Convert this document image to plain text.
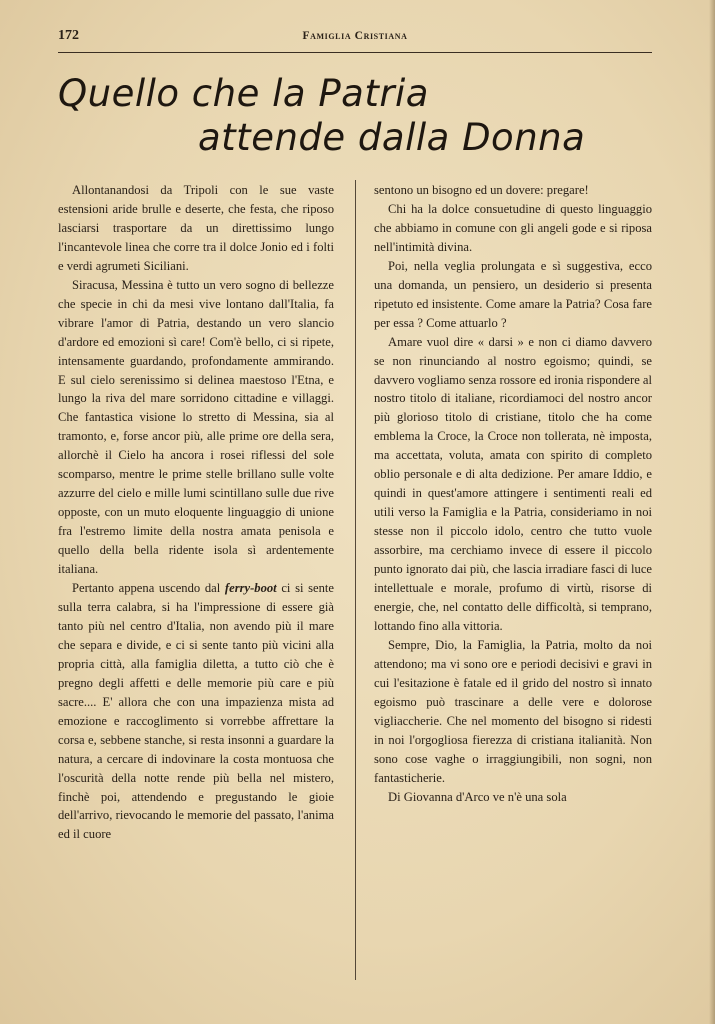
172	Famiglia Cristiana
Quello che la Patria
attende dalla Donna

Allontanandosi da Tripoli con le sue vaste estensioni aride brulle e deserte, che festa, che riposo lasciarsi trasportare da un direttissimo lungo l'incantevole linea che corre tra il dolce Jonio ed i folti e verdi agrumeti Siciliani.

Siracusa, Messina è tutto un vero sogno di bellezze che specie in chi da mesi vive lontano dall'Italia, fa vibrare l'amor di Patria, destando un vero slancio d'ardore ed emozioni sì care! Com'è bello, ci si ripete, intensamente guardando, profondamente ammirando. E sul cielo serenissimo si delinea maestoso l'Etna, e lungo la riva del mare sorridono cittadine e villaggi. Che fantastica visione lo stretto di Messina, sia al tramonto, e, forse ancor più, alle prime ore della sera, allorchè il Cielo ha ancora i rosei riflessi del sole scomparso, mentre le prime stelle brillano sulle volte azzurre del cielo e mille lumi scintillano sulle due rive opposte, con un muto eloquente linguaggio di unione fra l'estremo limite della nostra amata penisola e quello della bella ridente isola sì ardentemente italiana.

Pertanto appena uscendo dal ferry-boot ci si sente sulla terra calabra, si ha l'impressione di essere già tanto più nel centro d'Italia, non avendo più il mare che separa e divide, e ci si sente tanto più vicini alla propria città, alla famiglia diletta, a tutto ciò che è pregno degli affetti e delle memorie più care e più sacre.... E' allora che con una impazienza mista ad emozione e raccoglimento si vorrebbe affrettare la corsa e, sebbene stanche, si resta insonni a guardare la natura, a cercare di indovinare la costa montuosa che l'oscurità della notte rende più bella nel mistero, finchè poi, attendendo e pregustando le gioie dell'arrivo, rievocando le memorie del passato, l'anima ed il cuore

sentono un bisogno ed un dovere: pregare!

Chi ha la dolce consuetudine di questo linguaggio che abbiamo in comune con gli angeli gode e si riposa nell'intimità divina.

Poi, nella veglia prolungata e sì suggestiva, ecco una domanda, un pensiero, un desiderio si presenta ripetuto ed insistente. Come amare la Patria? Cosa fare per essa ? Come attuarlo ?

Amare vuol dire « darsi » e non ci diamo davvero se non rinunciando al nostro egoismo; quindi, se davvero vogliamo senza rossore ed ironia rispondere al nostro titolo di italiane, ricordiamoci del nostro ancor più glorioso titolo di cristiane, titolo che ha come emblema la Croce, la Croce non tollerata, nè imposta, ma accettata, voluta, amata con spirito di completo oblio personale e di alta dedizione. Per amare Iddio, e quindi in quest'amore attingere i sentimenti reali ed utili verso la Famiglia e la Patria, consideriamo in noi stesse non il piccolo idolo, centro che tutto vuole assorbire, ma cerchiamo invece di essere il piccolo punto ignorato dai più, che lascia irradiare fasci di luce intellettuale e morale, profumo di virtù, risorse di energie, che, nel contatto delle difficoltà, si temprano, lottando fino alla vittoria.

Sempre, Dio, la Famiglia, la Patria, molto da noi attendono; ma vi sono ore e periodi decisivi e gravi in cui l'esitazione è fatale ed il grido del nostro sì innato egoismo può trascinare a delle vere e dolorose vigliaccherie. Che nel momento del bisogno si ridesti in noi l'orgogliosa fierezza di cristiana italianità. Non sono cose vaghe o irraggiungibili, non sogni, non fantasticherie.

Di Giovanna d'Arco ve n'è una sola
